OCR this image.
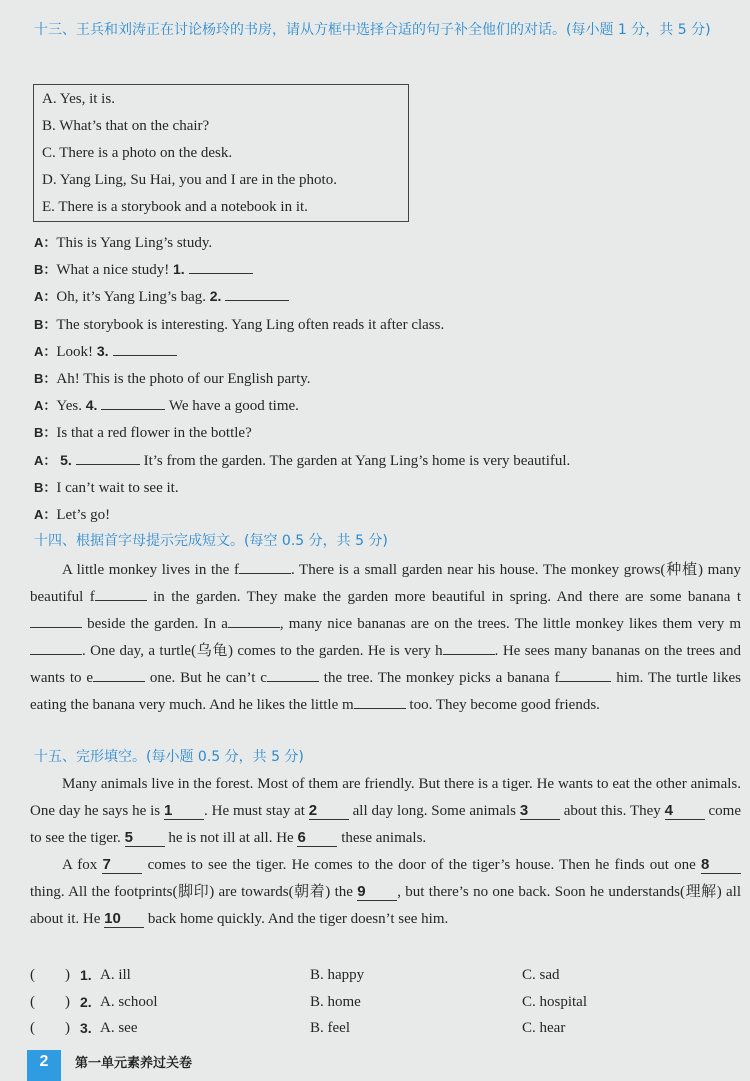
十三、王兵和刘涛正在讨论杨玲的书房，请从方框中选择合适的句子补全他们的对话。(每小题 1 分，共 5 分)
A. Yes, it is.
B. What’s that on the chair?
C. There is a photo on the desk.
D. Yang Ling, Su Hai, you and I are in the photo.
E. There is a storybook and a notebook in it.
A：This is Yang Ling’s study.
B：What a nice study! 1.
A：Oh, it’s Yang Ling’s bag. 2.
B：The storybook is interesting. Yang Ling often reads it after class.
A：Look! 3.
B：Ah! This is the photo of our English party.
A：Yes. 4.	We have a good time.
B：Is that a red flower in the bottle?
A： 5.	It’s from the garden. The garden at Yang Ling’s home is very beautiful.
B：I can’t wait to see it.
A：Let’s go!
十四、根据首字母提示完成短文。(每空 0.5 分，共 5 分)

A little monkey lives in the f	. There is a small garden near his house. The monkey grows(种植) many beautiful f	in the garden. They make the garden more beautiful in spring. And there are some banana t beside the garden. In a	, many nice bananas are on the trees. The little monkey likes them very m. One day, a turtle(乌龟) comes to the garden. He is very h	. He sees many bananas on the trees and wants to e	one. But he can’t c	the tree. The monkey picks a banana f	him. The turtle likes eating the banana very much. And he likes the little m	too. They become good friends.

十五、完形填空。(每小题 0.5 分，共 5 分)

Many animals live in the forest. Most of them are friendly. But there is a tiger. He wants to eat the other animals. One day he says he is 1 . He must stay at 2 all day long. Some animals 3 about this. They 4 come to see the tiger. 5 he is not ill at all. He 6 these animals.

A fox 7 comes to see the tiger. He comes to the door of the tiger’s house. Then he finds out one 8 thing. All the footprints(脚印) are towards(朝着) the 9 , but there’s no one back. Soon he understands(理解) all about it. He 10 back home quickly. And the tiger doesn’t see him.

(　　) 1. A. ill	B. happy	C. sad
(　　) 2. A. school	B. home	C. hospital
(　　) 3. A. see	B. feel	C. hear
2	第一单元素养过关卷
